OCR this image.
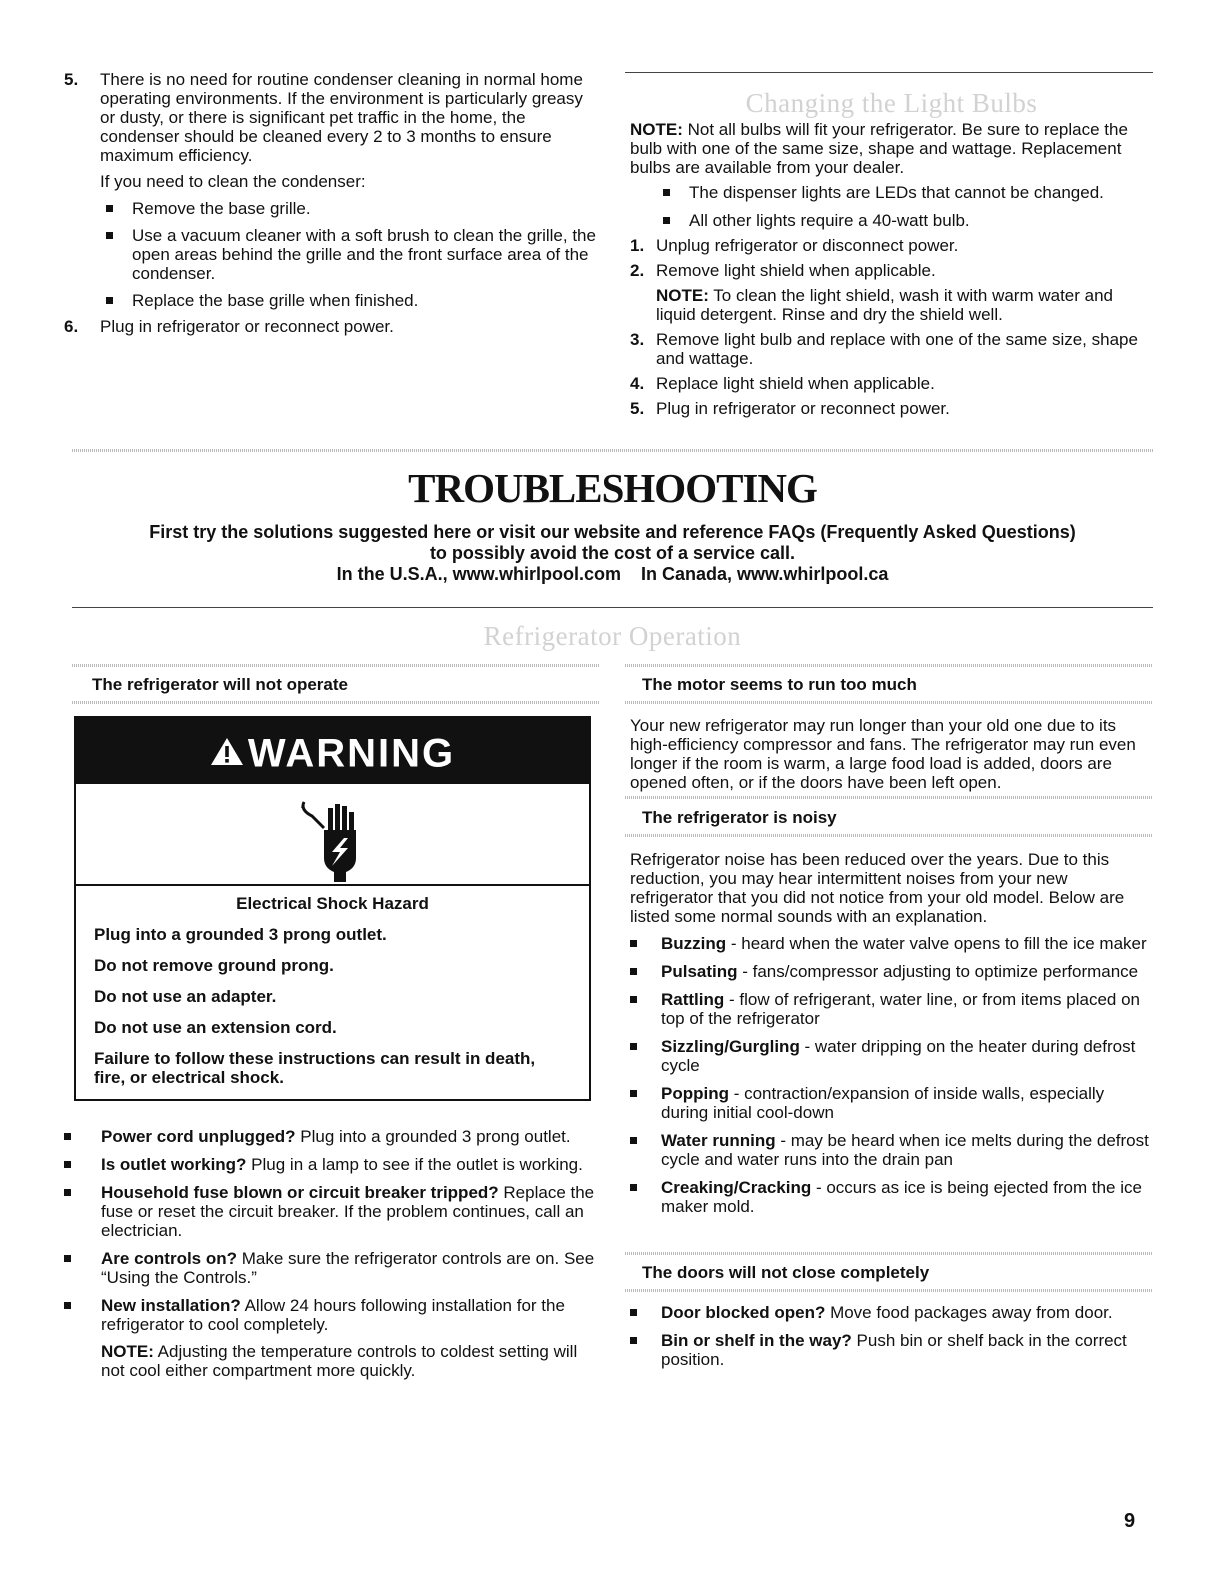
5. There is no need for routine condenser cleaning in normal home operating environments. If the environment is particularly greasy or dusty, or there is significant pet traffic in the home, the condenser should be cleaned every 2 to 3 months to ensure maximum efficiency.

If you need to clean the condenser:

Remove the base grille.

Use a vacuum cleaner with a soft brush to clean the grille, the open areas behind the grille and the front surface area of the condenser.

Replace the base grille when finished.

6. Plug in refrigerator or reconnect power.

Changing the Light Bulbs

NOTE: Not all bulbs will fit your refrigerator. Be sure to replace the bulb with one of the same size, shape and wattage. Replacement bulbs are available from your dealer.

The dispenser lights are LEDs that cannot be changed.

All other lights require a 40-watt bulb.

1. Unplug refrigerator or disconnect power.

2. Remove light shield when applicable.

NOTE: To clean the light shield, wash it with warm water and liquid detergent. Rinse and dry the shield well.

3. Remove light bulb and replace with one of the same size, shape and wattage.

4. Replace light shield when applicable.

5. Plug in refrigerator or reconnect power.

TROUBLESHOOTING

First try the solutions suggested here or visit our website and reference FAQs (Frequently Asked Questions)

to possibly avoid the cost of a service call.

In the U.S.A., www.whirlpool.com    In Canada, www.whirlpool.ca

Refrigerator Operation
The refrigerator will not operate
WARNING

Electrical Shock Hazard

Plug into a grounded 3 prong outlet.

Do not remove ground prong.

Do not use an adapter.

Do not use an extension cord.

Failure to follow these instructions can result in death, fire, or electrical shock.

Power cord unplugged? Plug into a grounded 3 prong outlet.

Is outlet working? Plug in a lamp to see if the outlet is working.

Household fuse blown or circuit breaker tripped? Replace the fuse or reset the circuit breaker. If the problem continues, call an electrician.

Are controls on? Make sure the refrigerator controls are on. See “Using the Controls.”

New installation? Allow 24 hours following installation for the refrigerator to cool completely.

NOTE: Adjusting the temperature controls to coldest setting will not cool either compartment more quickly.

The motor seems to run too much

Your new refrigerator may run longer than your old one due to its high-efficiency compressor and fans. The refrigerator may run even longer if the room is warm, a large food load is added, doors are opened often, or if the doors have been left open.

The refrigerator is noisy

Refrigerator noise has been reduced over the years. Due to this reduction, you may hear intermittent noises from your new refrigerator that you did not notice from your old model. Below are listed some normal sounds with an explanation.

Buzzing - heard when the water valve opens to fill the ice maker

Pulsating - fans/compressor adjusting to optimize performance

Rattling - flow of refrigerant, water line, or from items placed on top of the refrigerator

Sizzling/Gurgling - water dripping on the heater during defrost cycle

Popping - contraction/expansion of inside walls, especially during initial cool-down

Water running - may be heard when ice melts during the defrost cycle and water runs into the drain pan

Creaking/Cracking - occurs as ice is being ejected from the ice maker mold.

The doors will not close completely

Door blocked open? Move food packages away from door.

Bin or shelf in the way? Push bin or shelf back in the correct position.

9
